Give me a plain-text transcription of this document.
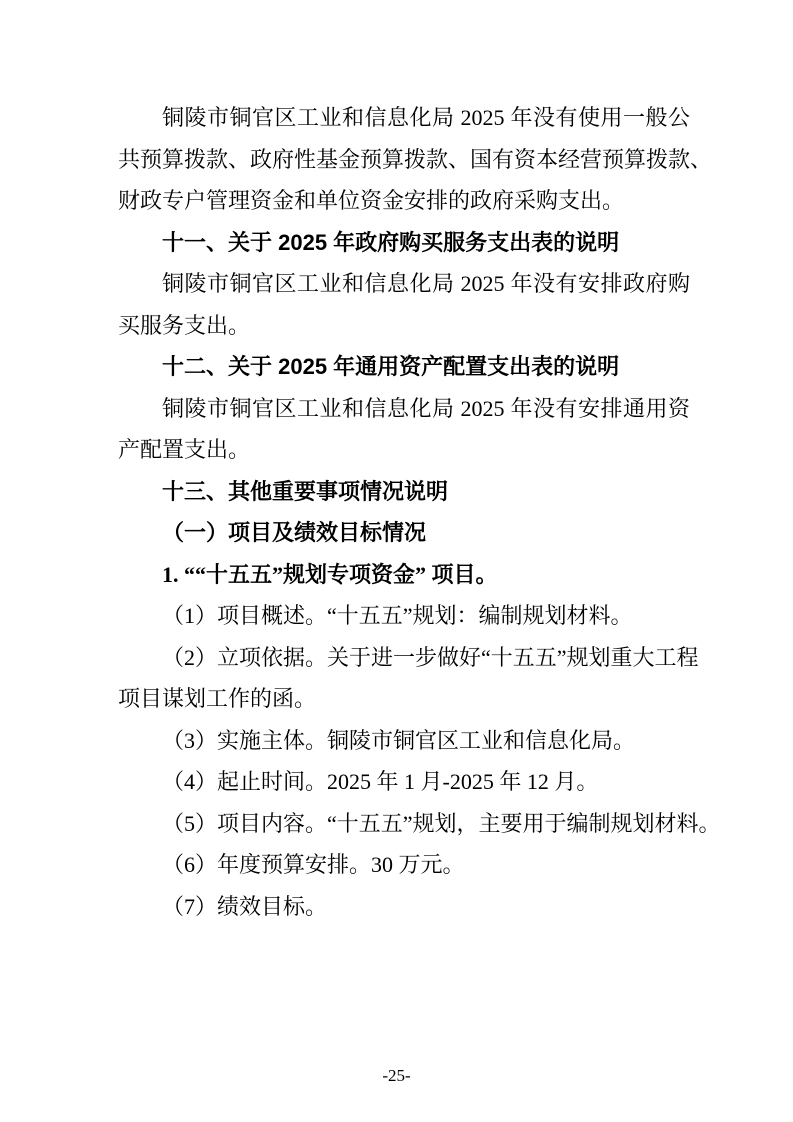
铜陵市铜官区工业和信息化局 2025 年没有使用一般公
共预算拨款、政府性基金预算拨款、国有资本经营预算拨款、
财政专户管理资金和单位资金安排的政府采购支出。
十一、关于 2025 年政府购买服务支出表的说明
铜陵市铜官区工业和信息化局 2025 年没有安排政府购
买服务支出。
十二、关于 2025 年通用资产配置支出表的说明
铜陵市铜官区工业和信息化局 2025 年没有安排通用资
产配置支出。
十三、其他重要事项情况说明
（一）项目及绩效目标情况
1. ““十五五”规划专项资金” 项目。
（1）项目概述。“十五五”规划：编制规划材料。
（2）立项依据。关于进一步做好“十五五”规划重大工程
项目谋划工作的函。
（3）实施主体。铜陵市铜官区工业和信息化局。
（4）起止时间。2025 年 1 月-2025 年 12 月。
（5）项目内容。“十五五”规划，主要用于编制规划材料。
（6）年度预算安排。30 万元。
（7）绩效目标。
-25-
